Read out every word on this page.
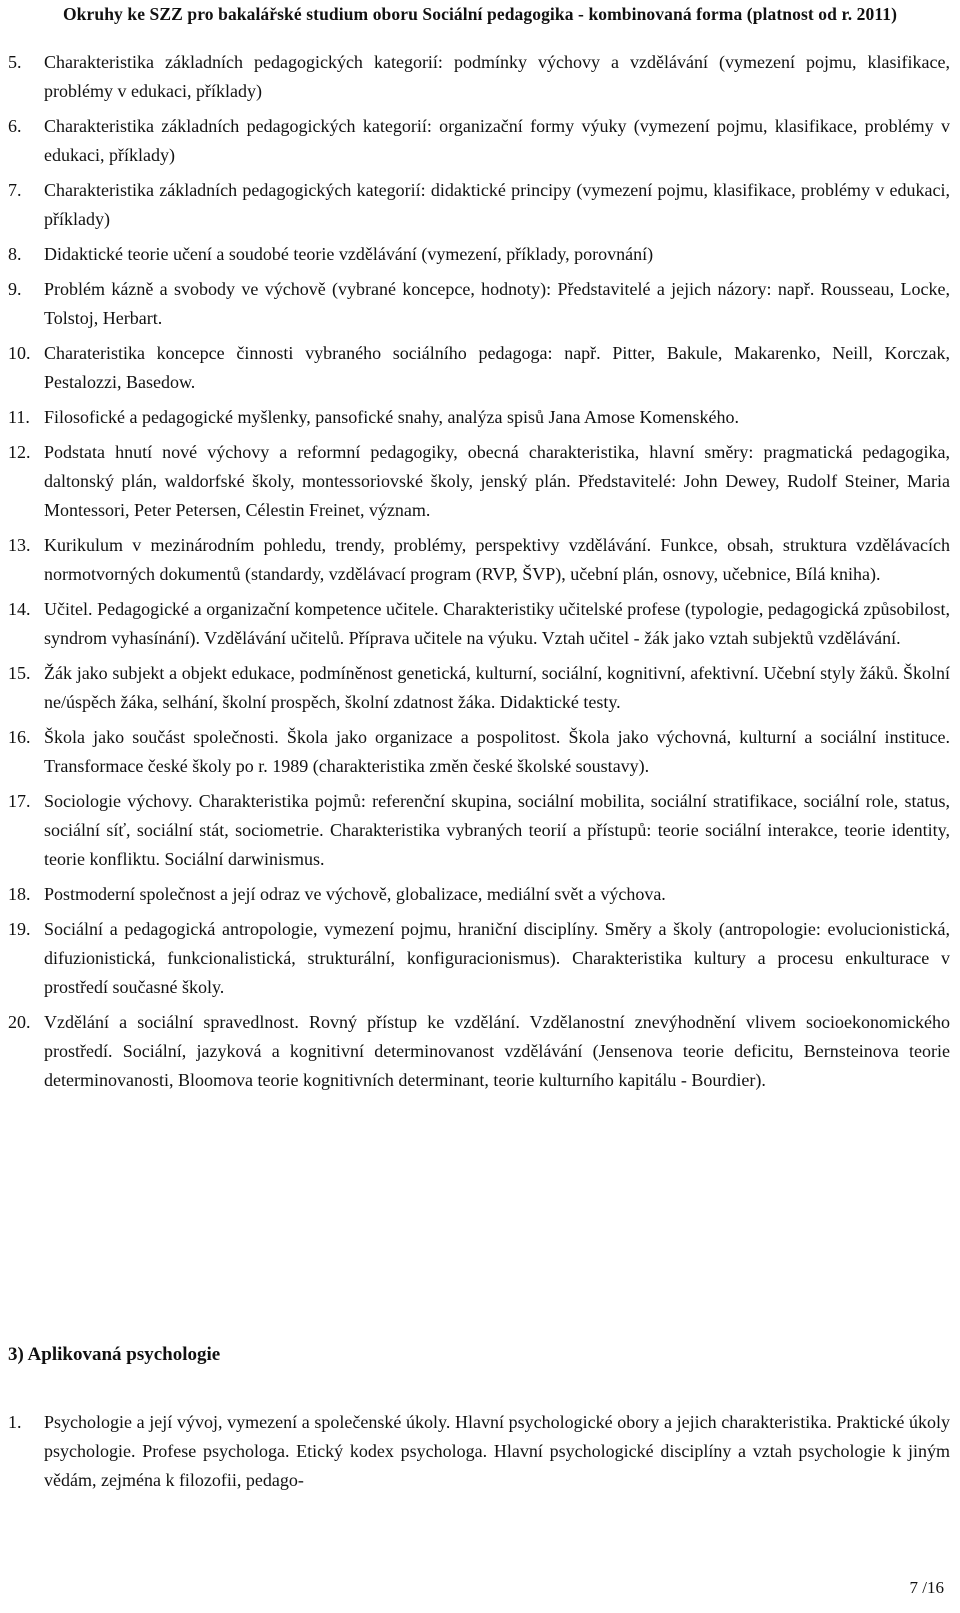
Okruhy ke SZZ pro bakalářské studium oboru Sociální pedagogika - kombinovaná forma (platnost od r. 2011)
5.	Charakteristika základních pedagogických kategorií: podmínky výchovy a vzdělávání (vymezení pojmu, klasifikace, problémy v edukaci, příklady)
6.	Charakteristika základních pedagogických kategorií: organizační formy výuky (vymezení pojmu, klasifikace, problémy v edukaci, příklady)
7.	Charakteristika základních pedagogických kategorií: didaktické principy (vymezení pojmu, klasifikace, problémy v edukaci, příklady)
8.	Didaktické teorie učení a soudobé teorie vzdělávání (vymezení, příklady, porovnání)
9.	Problém kázně a svobody ve výchově (vybrané koncepce, hodnoty): Představitelé a jejich názory: např. Rousseau, Locke, Tolstoj, Herbart.
10. Charateristika koncepce činnosti vybraného sociálního pedagoga: např. Pitter, Bakule, Makarenko, Neill, Korczak, Pestalozzi, Basedow.
11. Filosofické a pedagogické myšlenky, pansofické snahy, analýza spisů Jana Amose Komenského.
12. Podstata hnutí nové výchovy a reformní pedagogiky, obecná charakteristika, hlavní směry: pragmatická pedagogika, daltonský plán, waldorfské školy, montessoriovské školy, jenský plán. Představitelé: John Dewey, Rudolf Steiner, Maria Montessori, Peter Petersen, Célestin Freinet, význam.
13. Kurikulum v mezinárodním pohledu, trendy, problémy, perspektivy vzdělávání. Funkce, obsah, struktura vzdělávacích normotvorných dokumentů (standardy, vzdělávací program (RVP, ŠVP), učební plán, osnovy, učebnice, Bílá kniha).
14. Učitel. Pedagogické a organizační kompetence učitele. Charakteristiky učitelské profese (typologie, pedagogická způsobilost, syndrom vyhasínání). Vzdělávání učitelů. Příprava učitele na výuku. Vztah učitel - žák jako vztah subjektů vzdělávání.
15. Žák jako subjekt a objekt edukace, podmíněnost genetická, kulturní, sociální, kognitivní, afektivní. Učební styly žáků. Školní ne/úspěch žáka, selhání, školní prospěch, školní zdatnost žáka. Didaktické testy.
16. Škola jako součást společnosti. Škola jako organizace a pospolitost. Škola jako výchovná, kulturní a sociální instituce. Transformace české školy po r. 1989 (charakteristika změn české školské soustavy).
17. Sociologie výchovy. Charakteristika pojmů: referenční skupina, sociální mobilita, sociální stratifikace, sociální role, status, sociální síť, sociální stát, sociometrie. Charakteristika vybraných teorií a přístupů: teorie sociální interakce, teorie identity, teorie konfliktu. Sociální darwinismus.
18. Postmoderní společnost a její odraz ve výchově, globalizace, mediální svět a výchova.
19. Sociální a pedagogická antropologie, vymezení pojmu, hraniční disciplíny. Směry a školy (antropologie: evolucionistická, difuzionistická, funkcionalistická, strukturální, konfiguracionismus). Charakteristika kultury a procesu enkulturace v prostředí současné školy.
20. Vzdělání a sociální spravedlnost. Rovný přístup ke vzdělání. Vzdělanostní znevýhodnění vlivem socioekonomického prostředí. Sociální, jazyková a kognitivní determinovanost vzdělávání (Jensenova teorie deficitu, Bernsteinova teorie determinovanosti, Bloomova teorie kognitivních determinant, teorie kulturního kapitálu - Bourdier).
3) Aplikovaná psychologie
1.	Psychologie a její vývoj, vymezení a společenské úkoly. Hlavní psychologické obory a jejich charakteristika. Praktické úkoly psychologie. Profese psychologa. Etický kodex psychologa. Hlavní psychologické disciplíny a vztah psychologie k jiným vědám, zejména k filozofii, pedago-
7 /16
